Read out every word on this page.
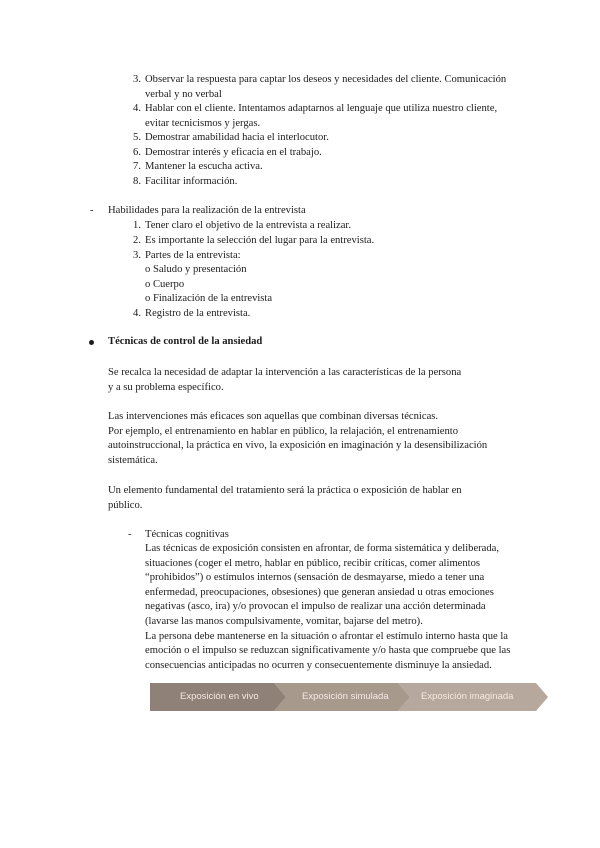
3. Observar la respuesta para captar los deseos y necesidades del cliente. Comunicación
verbal y no verbal
4. Hablar con el cliente. Intentamos adaptarnos al lenguaje que utiliza nuestro cliente,
evitar tecnicismos y jergas.
5. Demostrar amabilidad hacia el interlocutor.
6. Demostrar interés y eficacia en el trabajo.
7. Mantener la escucha activa.
8. Facilitar información.
- Habilidades para la realización de la entrevista
1. Tener claro el objetivo de la entrevista a realizar.
2. Es importante la selección del lugar para la entrevista.
3. Partes de la entrevista:
o Saludo y presentación
o Cuerpo
o Finalización de la entrevista
4. Registro de la entrevista.
Técnicas de control de la ansiedad
Se recalca la necesidad de adaptar la intervención a las características de la persona
y a su problema específico.
Las intervenciones más eficaces son aquellas que combinan diversas técnicas.
Por ejemplo, el entrenamiento en hablar en público, la relajación, el entrenamiento
autoinstruccional, la práctica en vivo, la exposición en imaginación y la desensibilización
sistemática.
Un elemento fundamental del tratamiento será la práctica o exposición de hablar en
público.
- Técnicas cognitivas
Las técnicas de exposición consisten en afrontar, de forma sistemática y deliberada,
situaciones (coger el metro, hablar en público, recibir críticas, comer alimentos
“prohibidos”) o estímulos internos (sensación de desmayarse, miedo a tener una
enfermedad, preocupaciones, obsesiones) que generan ansiedad u otras emociones
negativas (asco, ira) y/o provocan el impulso de realizar una acción determinada
(lavarse las manos compulsivamente, vomitar, bajarse del metro).
La persona debe mantenerse en la situación o afrontar el estímulo interno hasta que la
emoción o el impulso se reduzcan significativamente y/o hasta que compruebe que las
consecuencias anticipadas no ocurren y consecuentemente disminuye la ansiedad.
Exposición en vivo	Exposición simulada	Exposición imaginada
